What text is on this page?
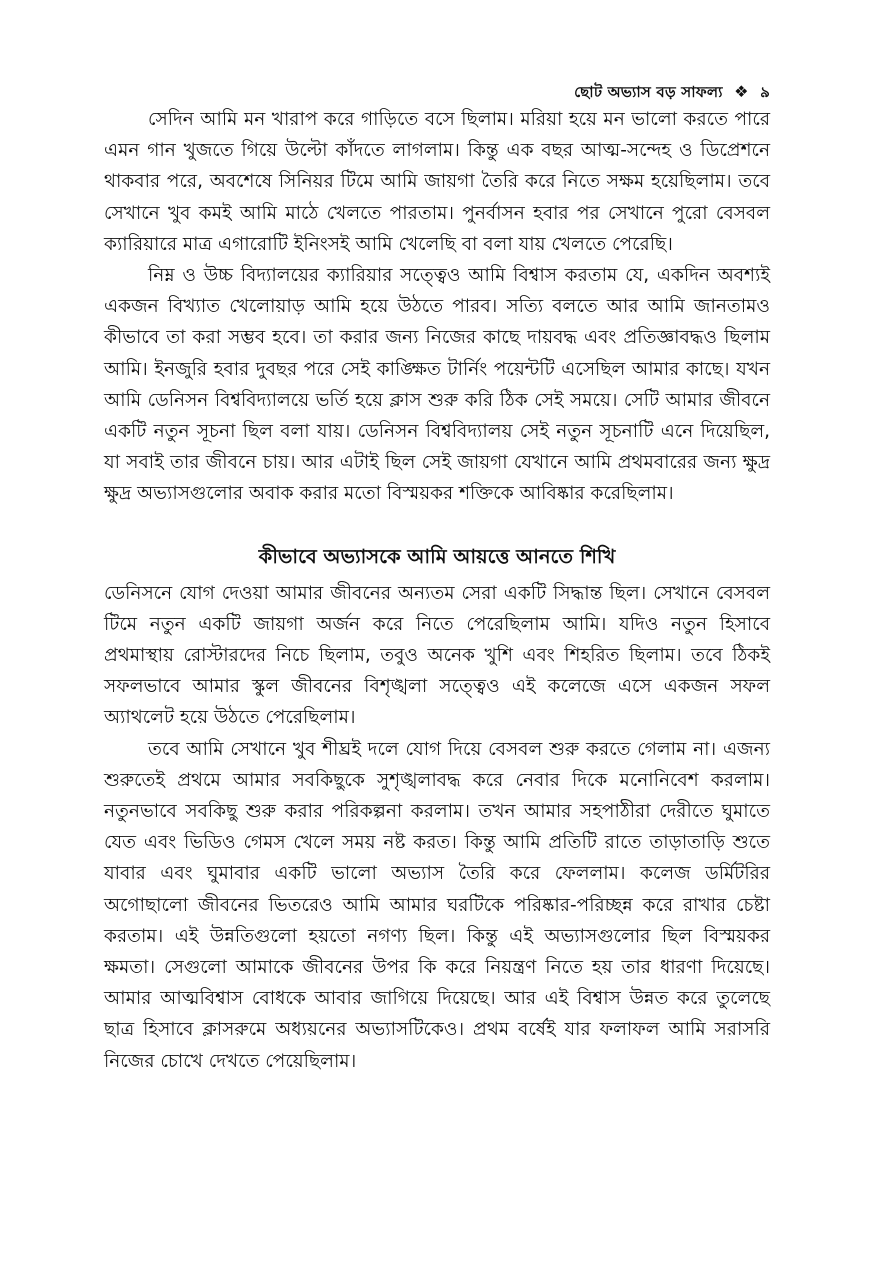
ছোট অভ্যাস বড় সাফল্য ❖ ৯

সেদিন আমি মন খারাপ করে গাড়িতে বসে ছিলাম। মরিয়া হয়ে মন ভালো করতে পারে এমন গান খুজতে গিয়ে উল্টো কাঁদতে লাগলাম। কিন্তু এক বছর আত্ম-সন্দেহ ও ডিপ্রেশনে থাকবার পরে, অবশেষে সিনিয়র টিমে আমি জায়গা তৈরি করে নিতে সক্ষম হয়েছিলাম। তবে সেখানে খুব কমই আমি মাঠে খেলতে পারতাম। পুনর্বাসন হবার পর সেখানে পুরো বেসবল ক্যারিয়ারে মাত্র এগারোটি ইনিংসই আমি খেলেছি বা বলা যায় খেলতে পেরেছি।

নিম্ন ও উচ্চ বিদ্যালয়ের ক্যারিয়ার সত্ত্বেও আমি বিশ্বাস করতাম যে, একদিন অবশ্যই একজন বিখ্যাত খেলোয়াড় আমি হয়ে উঠতে পারব। সত্যি বলতে আর আমি জানতামও কীভাবে তা করা সম্ভব হবে। তা করার জন্য নিজের কাছে দায়বদ্ধ এবং প্রতিজ্ঞাবদ্ধও ছিলাম আমি। ইনজুরি হবার দুবছর পরে সেই কাঙ্ক্ষিত টার্নিং পয়েন্টটি এসেছিল আমার কাছে। যখন আমি ডেনিসন বিশ্ববিদ্যালয়ে ভর্তি হয়ে ক্লাস শুরু করি ঠিক সেই সময়ে। সেটি আমার জীবনে একটি নতুন সূচনা ছিল বলা যায়। ডেনিসন বিশ্ববিদ্যালয় সেই নতুন সূচনাটি এনে দিয়েছিল, যা সবাই তার জীবনে চায়। আর এটাই ছিল সেই জায়গা যেখানে আমি প্রথমবারের জন্য ক্ষুদ্র ক্ষুদ্র অভ্যাসগুলোর অবাক করার মতো বিস্ময়কর শক্তিকে আবিষ্কার করেছিলাম।

কীভাবে অভ্যাসকে আমি আয়ত্তে আনতে শিখি

ডেনিসনে যোগ দেওয়া আমার জীবনের অন্যতম সেরা একটি সিদ্ধান্ত ছিল। সেখানে বেসবল টিমে নতুন একটি জায়গা অর্জন করে নিতে পেরেছিলাম আমি। যদিও নতুন হিসাবে প্রথমাস্থায় রোস্টারদের নিচে ছিলাম, তবুও অনেক খুশি এবং শিহরিত ছিলাম। তবে ঠিকই সফলভাবে আমার স্কুল জীবনের বিশৃঙ্খলা সত্ত্বেও এই কলেজে এসে একজন সফল অ্যাথলেট হয়ে উঠতে পেরেছিলাম।

তবে আমি সেখানে খুব শীঘ্রই দলে যোগ দিয়ে বেসবল শুরু করতে গেলাম না। এজন্য শুরুতেই প্রথমে আমার সবকিছুকে সুশৃঙ্খলাবদ্ধ করে নেবার দিকে মনোনিবেশ করলাম। নতুনভাবে সবকিছু শুরু করার পরিকল্পনা করলাম। তখন আমার সহপাঠীরা দেরীতে ঘুমাতে যেত এবং ভিডিও গেমস খেলে সময় নষ্ট করত। কিন্তু আমি প্রতিটি রাতে তাড়াতাড়ি শুতে যাবার এবং ঘুমাবার একটি ভালো অভ্যাস তৈরি করে ফেললাম। কলেজ ডর্মিটরির অগোছালো জীবনের ভিতরেও আমি আমার ঘরটিকে পরিষ্কার-পরিচ্ছন্ন করে রাখার চেষ্টা করতাম। এই উন্নতিগুলো হয়তো নগণ্য ছিল। কিন্তু এই অভ্যাসগুলোর ছিল বিস্ময়কর ক্ষমতা। সেগুলো আমাকে জীবনের উপর কি করে নিয়ন্ত্রণ নিতে হয় তার ধারণা দিয়েছে। আমার আত্মবিশ্বাস বোধকে আবার জাগিয়ে দিয়েছে। আর এই বিশ্বাস উন্নত করে তুলেছে ছাত্র হিসাবে ক্লাসরুমে অধ্যয়নের অভ্যাসটিকেও। প্রথম বর্ষেই যার ফলাফল আমি সরাসরি নিজের চোখে দেখতে পেয়েছিলাম।
